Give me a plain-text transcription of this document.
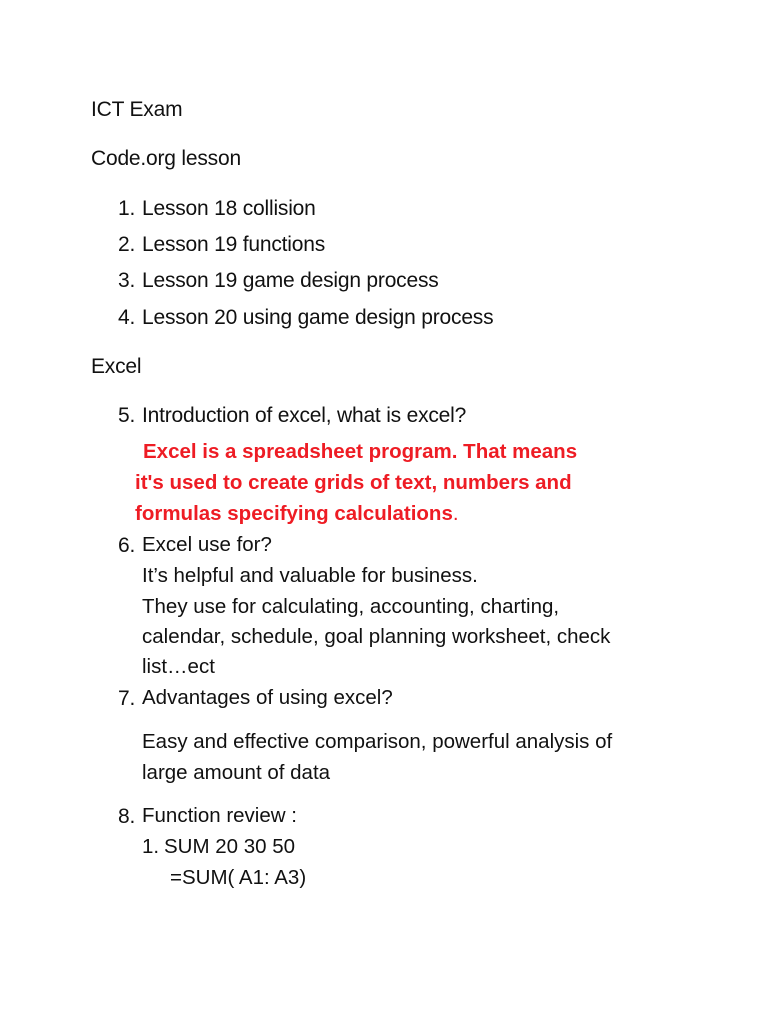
ICT Exam
Code.org lesson
1. Lesson 18 collision
2. Lesson 19 functions
3. Lesson 19 game design process
4. Lesson 20 using game design process
Excel
5. Introduction of excel, what is excel?
Excel is a spreadsheet program. That means
it's used to create grids of text, numbers and
formulas specifying calculations.
6. Excel use for?
It’s helpful and valuable for business.
They use for calculating, accounting, charting,
calendar, schedule, goal planning worksheet, check
list…ect
7. Advantages of using excel?
Easy and effective comparison, powerful analysis of
large amount of data
8. Function review :
1. SUM 20 30 50
=SUM( A1: A3)
